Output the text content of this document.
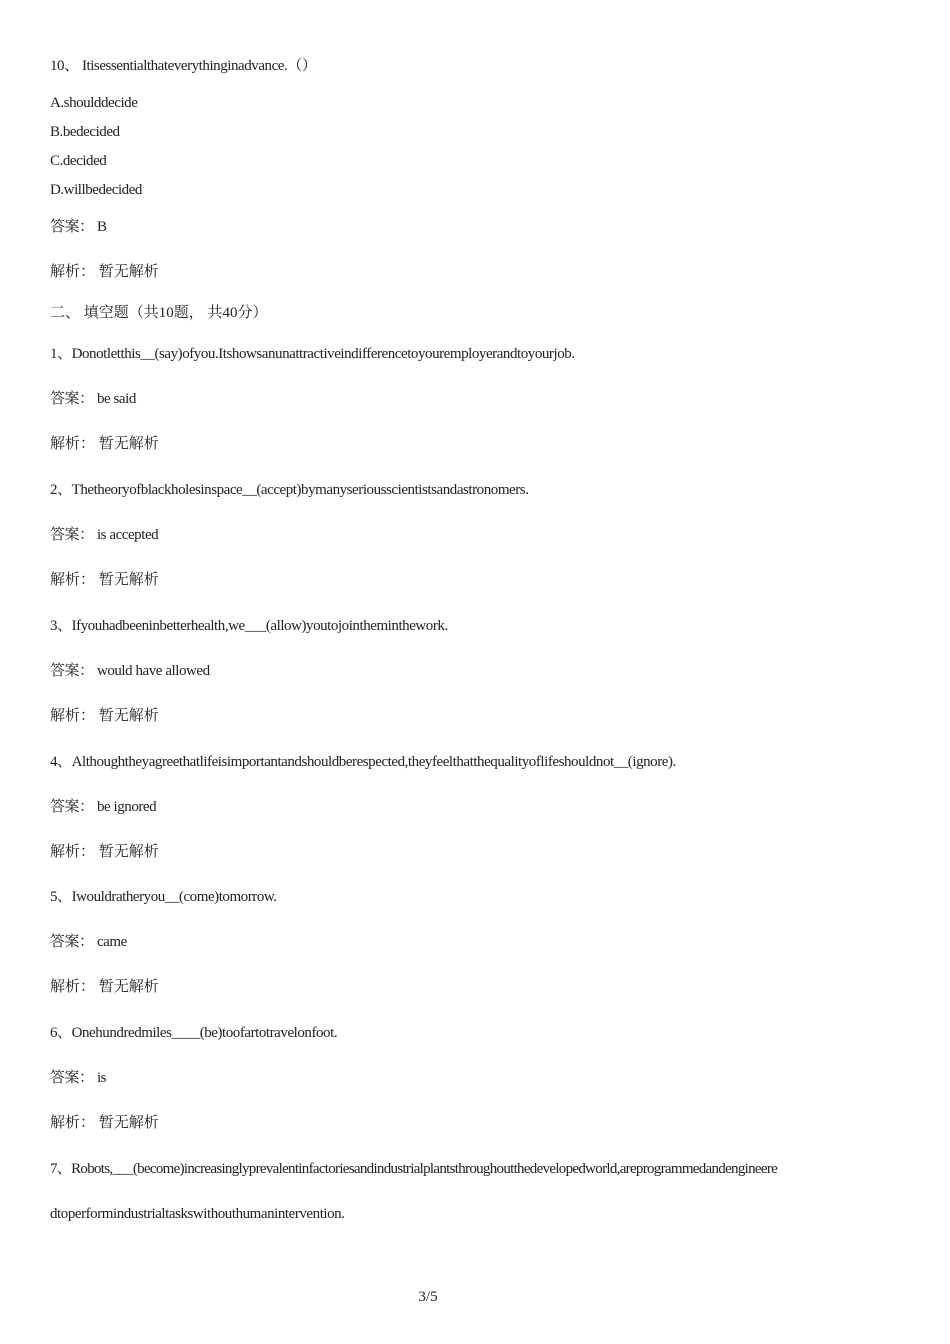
10、 Itisessentialthateverythinginadvance.（）
A.shoulddecide
B.bedecided
C.decided
D.willbedecided
答案： B
解析： 暂无解析
二、 填空题（共10题， 共40分）
1、Donotletthis__(say)ofyou.Itshowsanunattractiveindifferencetoyouremployerandtoyourjob.
答案： be said
解析： 暂无解析
2、Thetheoryofblackholesinspace__(accept)bymanyseriousscientistsandastronomers.
答案： is accepted
解析： 暂无解析
3、Ifyouhadbeeninbetterhealth,we___(allow)youtojointheminthework.
答案： would have allowed
解析： 暂无解析
4、Althoughtheyagreethatlifeisimportantandshouldberespected,theyfeelthatthequalityoflifeshouldnot__(ignore).
答案： be ignored
解析： 暂无解析
5、Iwouldratheryou__(come)tomorrow.
答案： came
解析： 暂无解析
6、Onehundredmiles____(be)toofartotravelonfoot.
答案： is
解析： 暂无解析
7、Robots,___(become)increasinglyprevalentinfactoriesandindustrialplantsthroughoutthedevelopedworld,areprogrammedandengineere
dtoperformindustrialtaskswithouthumanintervention.
3/5
